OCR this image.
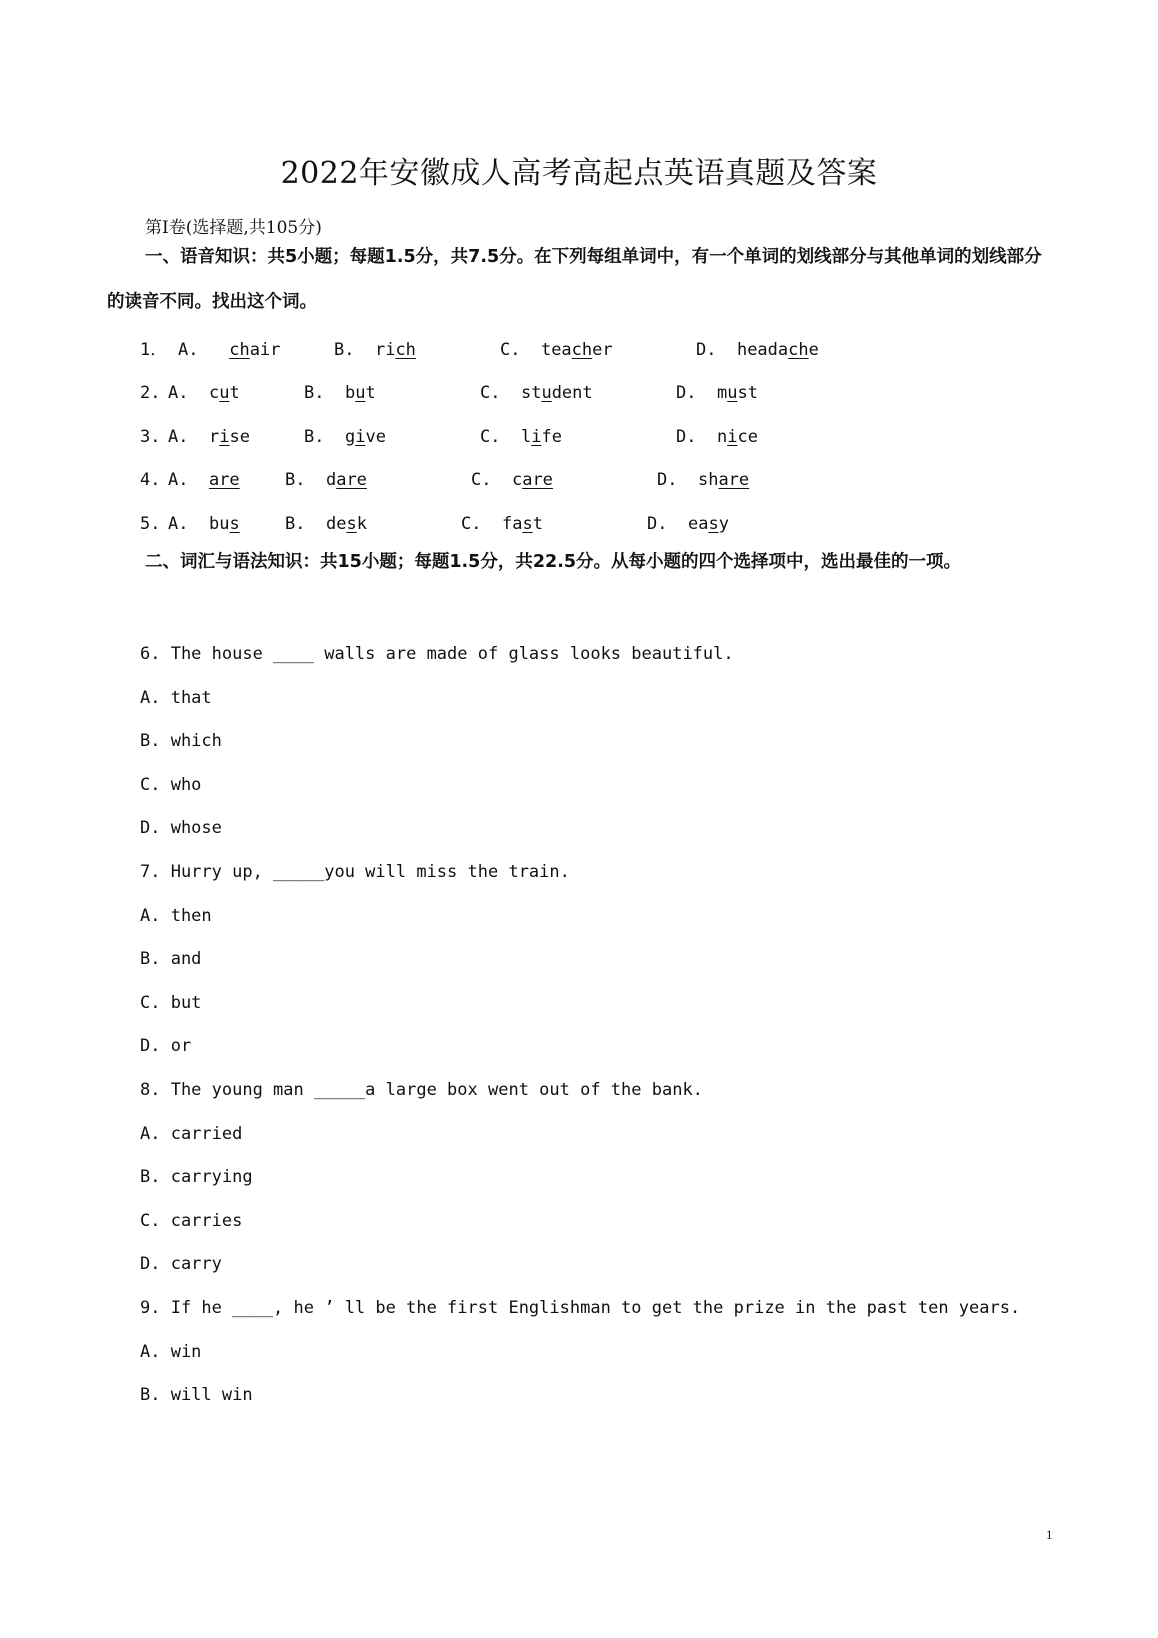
2022年安徽成人高考高起点英语真题及答案
第Ⅰ卷(选择题,共105分)
一、语音知识：共5小题；每题1.5分，共7.5分。在下列每组单词中，有一个单词的划线部分与其他单词的划线部分的读音不同。找出这个词。
1． A.   chair	B.  rich	C.  teacher	D.  headache
2. A.  cut	B.  but	C.  student	D.  must
3. A.  rise	B.  give	C.  life	D.  nice
4. A.  are	B.  dare	C.  care	D.  share
5. A.  bus	B.  desk	C.  fast	D.  easy
二、词汇与语法知识：共15小题；每题1.5分，共22.5分。从每小题的四个选择项中，选出最佳的一项。
6. The house ____ walls are made of glass looks beautiful.
A. that
B. which
C. who
D. whose
7. Hurry up, _____you will miss the train.
A. then
B. and
C. but
D. or
8. The young man _____a large box went out of the bank.
A. carried
B. carrying
C. carries
D. carry
9. If he ____, he ’ ll be the first Englishman to get the prize in the past ten years.
A. win
B. will win
1
